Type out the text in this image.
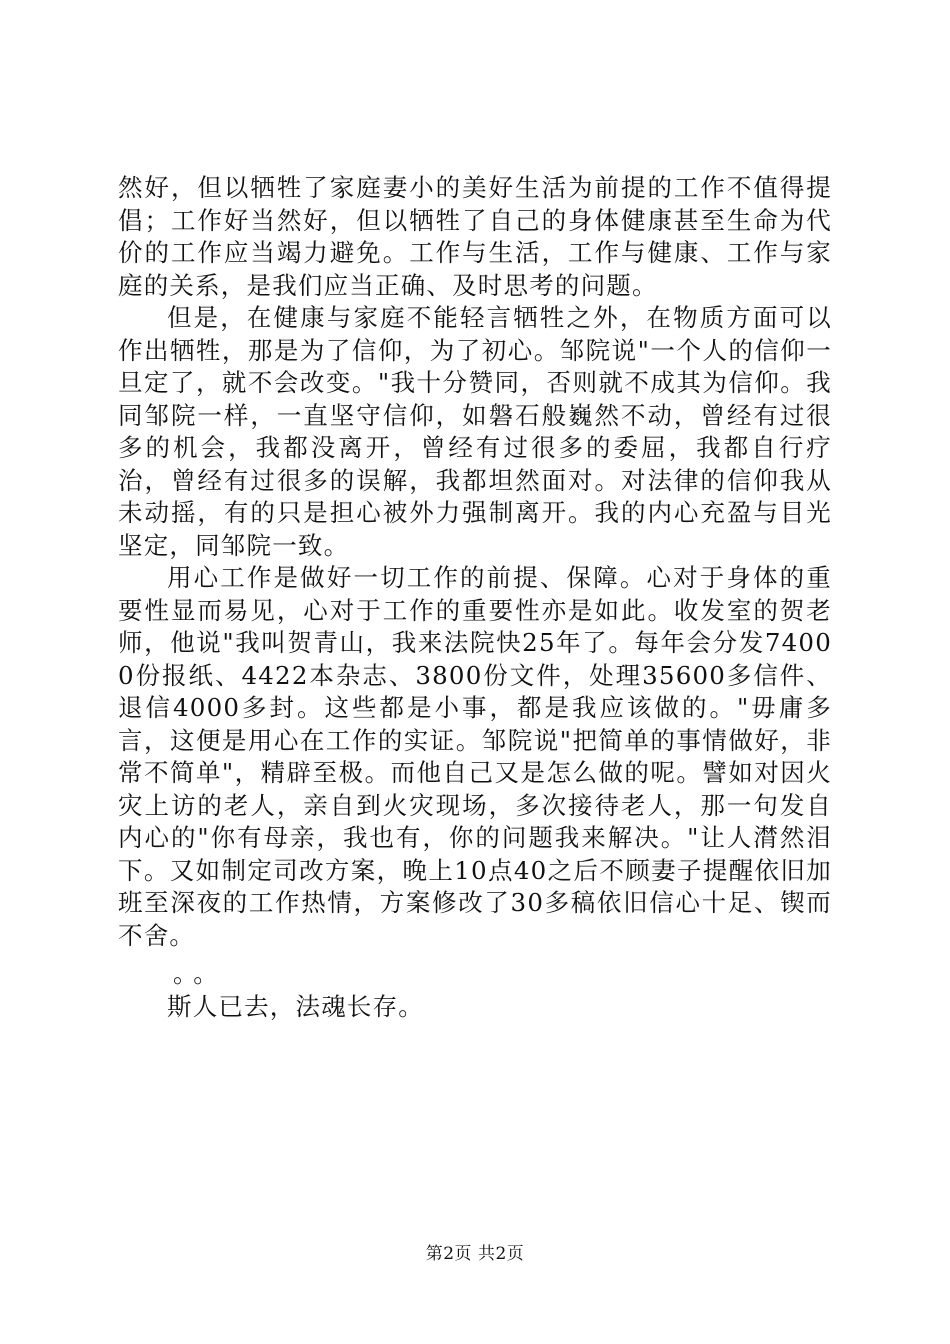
然好，但以牺牲了家庭妻小的美好生活为前提的工作不值得提倡；工作好当然好，但以牺牲了自己的身体健康甚至生命为代价的工作应当竭力避免。工作与生活，工作与健康、工作与家庭的关系，是我们应当正确、及时思考的问题。

但是，在健康与家庭不能轻言牺牲之外，在物质方面可以作出牺牲，那是为了信仰，为了初心。邹院说"一个人的信仰一旦定了，就不会改变。"我十分赞同，否则就不成其为信仰。我同邹院一样，一直坚守信仰，如磐石般巍然不动，曾经有过很多的机会，我都没离开，曾经有过很多的委屈，我都自行疗治，曾经有过很多的误解，我都坦然面对。对法律的信仰我从未动摇，有的只是担心被外力强制离开。我的内心充盈与目光坚定，同邹院一致。

用心工作是做好一切工作的前提、保障。心对于身体的重要性显而易见，心对于工作的重要性亦是如此。收发室的贺老师，他说"我叫贺青山，我来法院快25年了。每年会分发74000份报纸、4422本杂志、3800份文件，处理35600多信件、退信4000多封。这些都是小事，都是我应该做的。"毋庸多言，这便是用心在工作的实证。邹院说"把简单的事情做好，非常不简单"，精辟至极。而他自己又是怎么做的呢。譬如对因火灾上访的老人，亲自到火灾现场，多次接待老人，那一句发自内心的"你有母亲，我也有，你的问题我来解决。"让人潸然泪下。又如制定司改方案，晚上10点40之后不顾妻子提醒依旧加班至深夜的工作热情，方案修改了30多稿依旧信心十足、锲而不舍。

。。

斯人已去，法魂长存。

第2页 共2页
